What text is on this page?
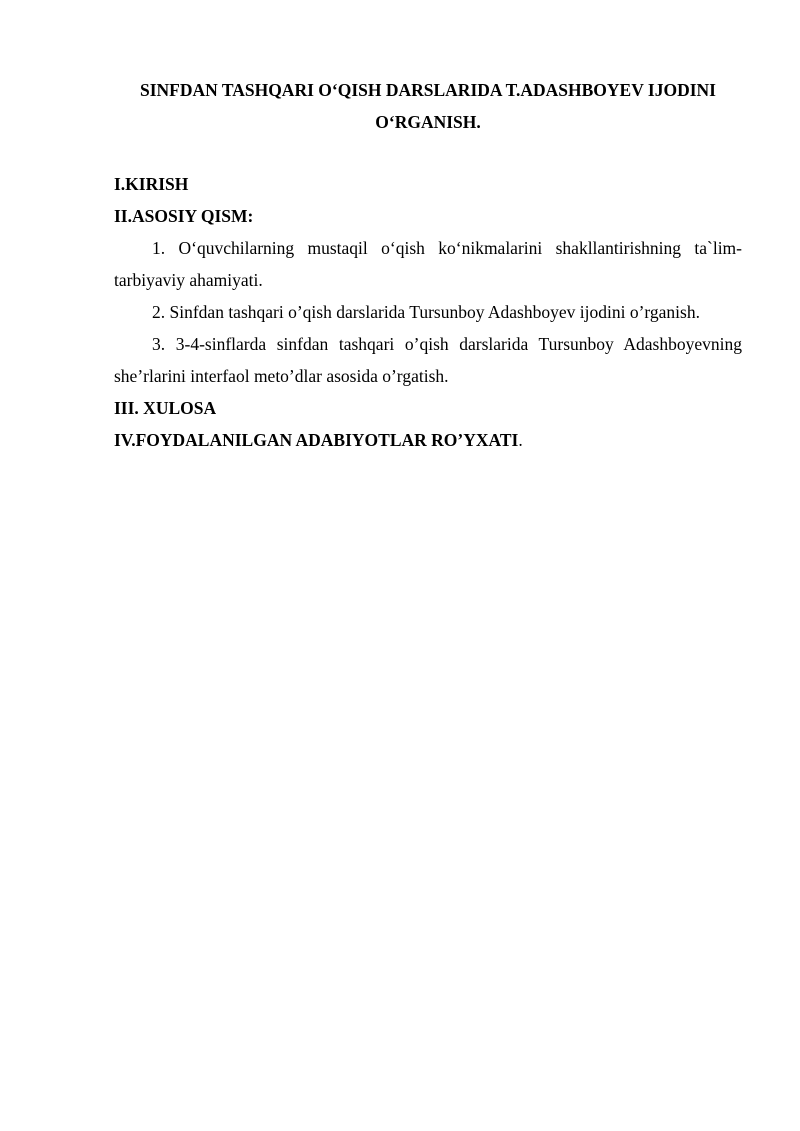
SINFDAN TASHQARI O‘QISH DARSLARIDA T.ADASHBOYEV IJODINI O‘RGANISH.

I.KIRISH

II.ASOSIY QISM:

1. O‘quvchilarning mustaqil o‘qish ko‘nikmalarini shakllantirishning ta`lim-tarbiyaviy ahamiyati.

2. Sinfdan tashqari o’qish darslarida Tursunboy Adashboyev ijodini o’rganish.

3. 3-4-sinflarda sinfdan tashqari o’qish darslarida Tursunboy Adashboyevning she’rlarini interfaol meto’dlar asosida o’rgatish.

III. XULOSA

IV.FOYDALANILGAN ADABIYOTLAR RO’YXATI.
